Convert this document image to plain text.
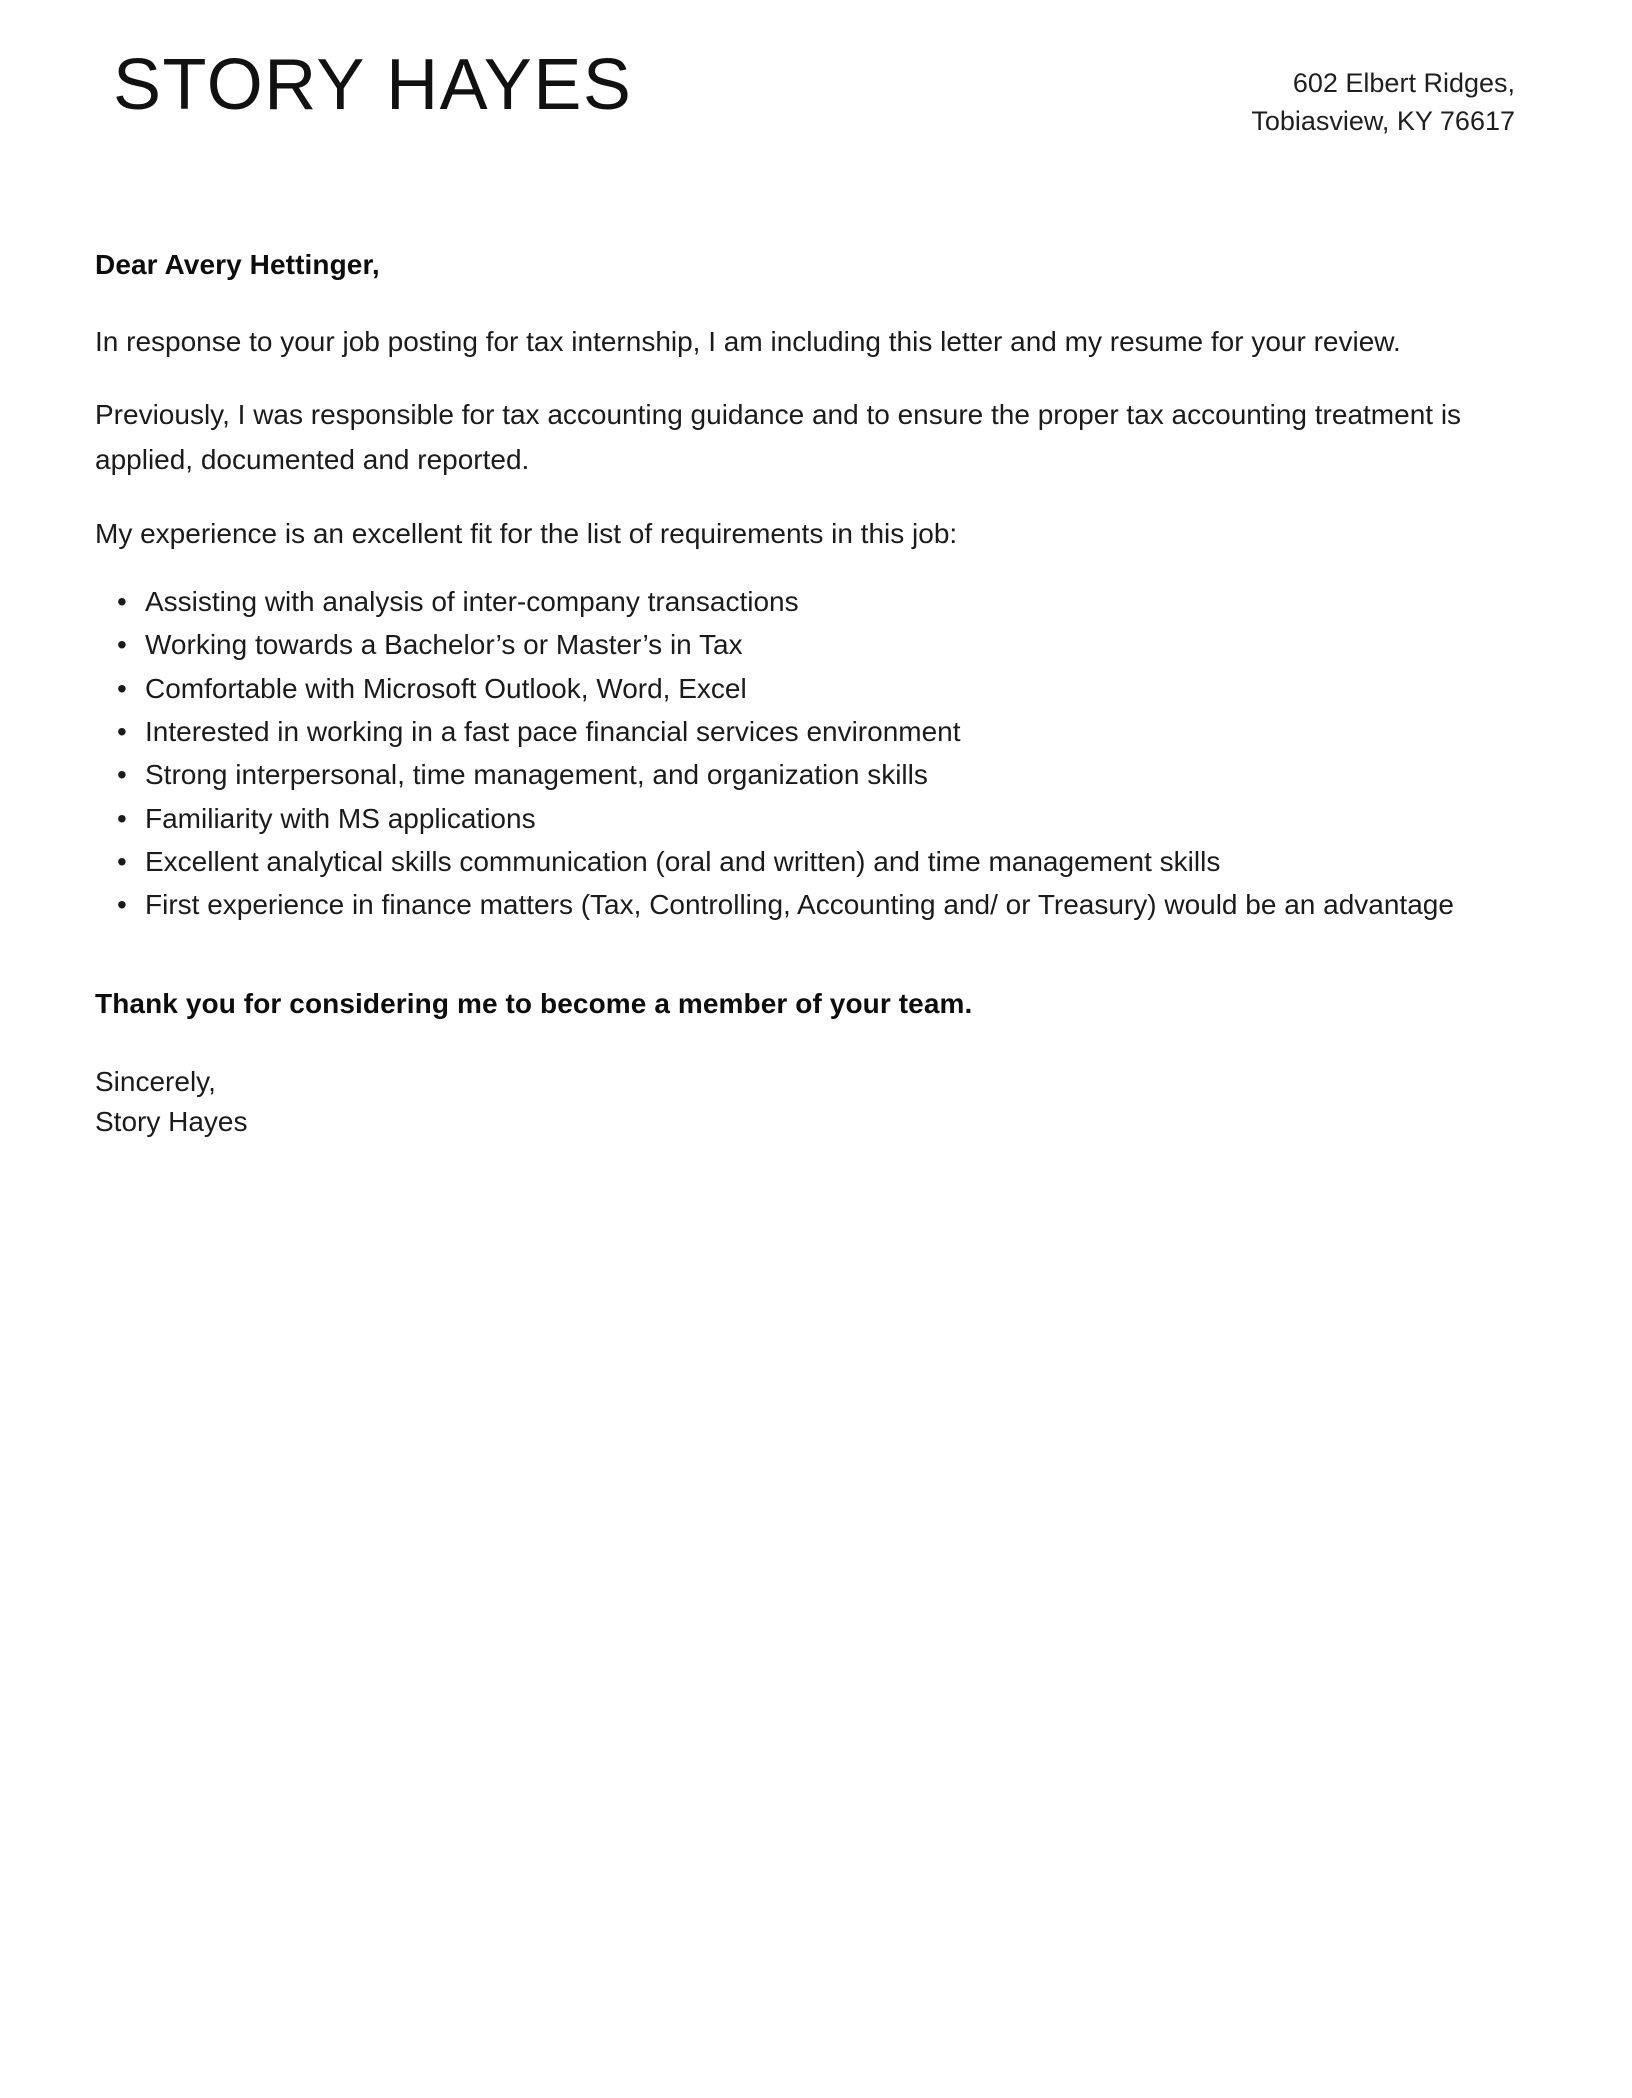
STORY HAYES	602 Elbert Ridges,
Tobiasview, KY 76617

Dear Avery Hettinger,

In response to your job posting for tax internship, I am including this letter and my resume for your review.

Previously, I was responsible for tax accounting guidance and to ensure the proper tax accounting treatment is applied, documented and reported.

My experience is an excellent fit for the list of requirements in this job:

• Assisting with analysis of inter-company transactions
• Working towards a Bachelor’s or Master’s in Tax
• Comfortable with Microsoft Outlook, Word, Excel
• Interested in working in a fast pace financial services environment
• Strong interpersonal, time management, and organization skills
• Familiarity with MS applications
• Excellent analytical skills communication (oral and written) and time management skills
• First experience in finance matters (Tax, Controlling, Accounting and/ or Treasury) would be an advantage

Thank you for considering me to become a member of your team.

Sincerely,
Story Hayes
